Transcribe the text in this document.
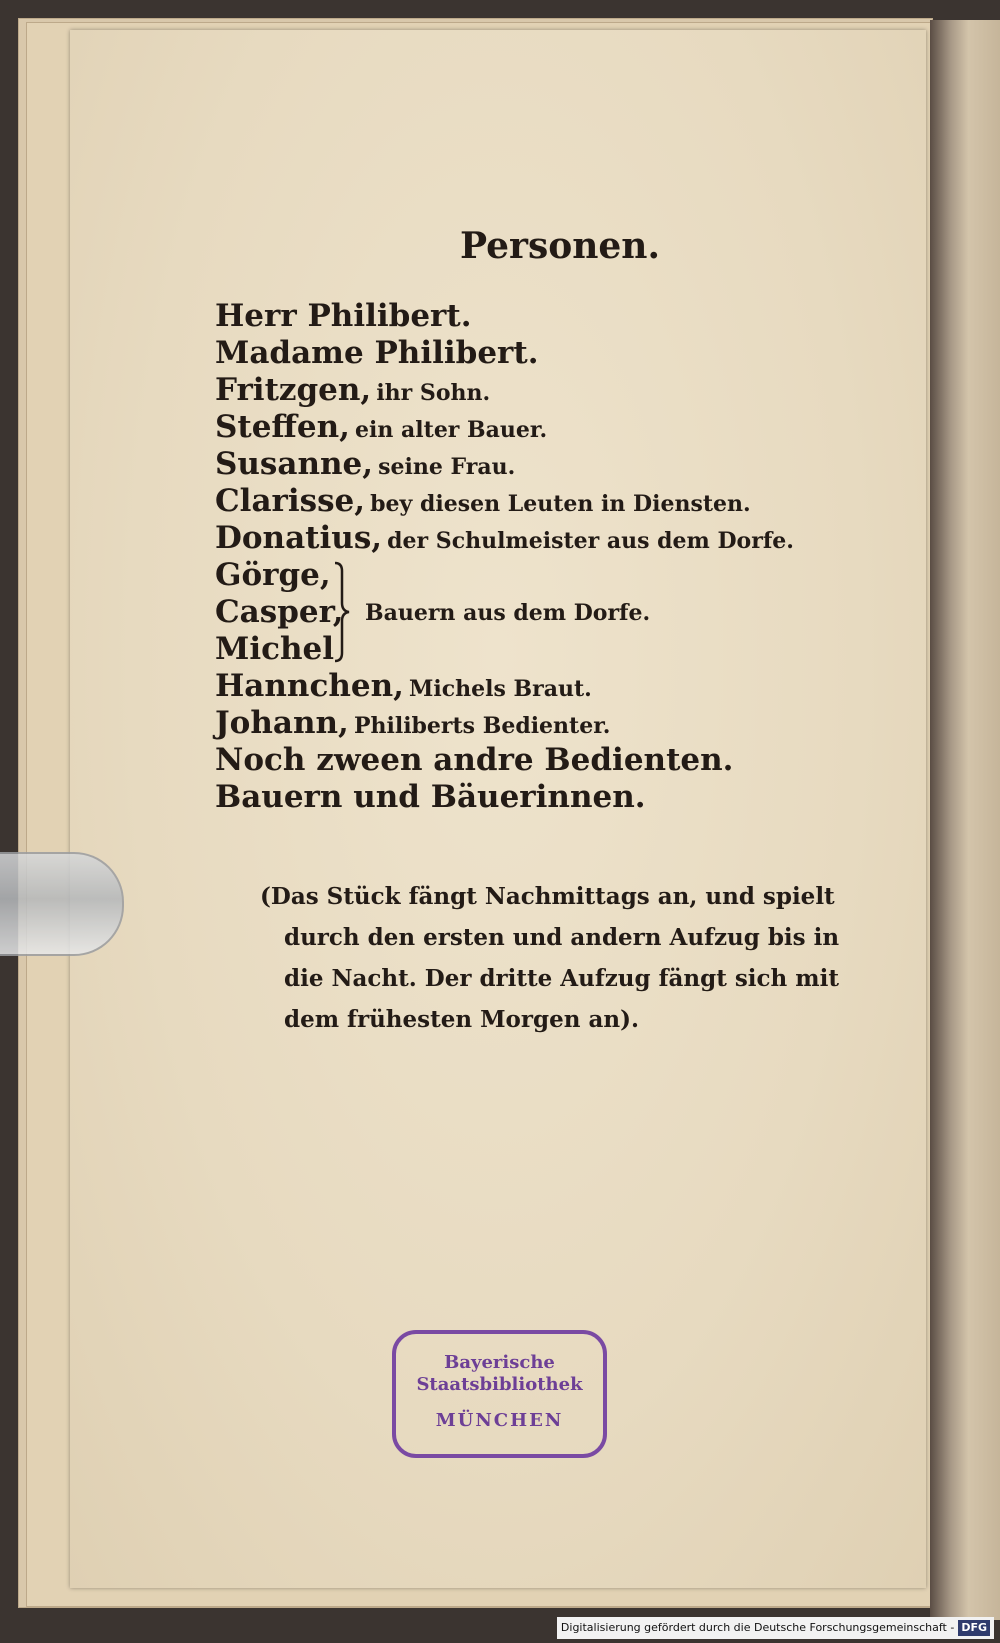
Personen.
Herr Philibert.
Madame Philibert.
Fritzgen, ihr Sohn.
Steffen, ein alter Bauer.
Susanne, seine Frau.
Clarisse, bey diesen Leuten in Diensten.
Donatius, der Schulmeister aus dem Dorfe.
Görge,
Casper,
Michel
Bauern aus dem Dorfe.
Hannchen, Michels Braut.
Johann, Philiberts Bedienter.
Noch zween andre Bedienten.
Bauern und Bäuerinnen.
(Das Stück fängt Nachmittags an, und spielt durch den ersten und andern Aufzug bis in die Nacht. Der dritte Aufzug fängt sich mit dem frühesten Morgen an).
Bayerische
Staatsbibliothek
MÜNCHEN
Digitalisierung gefördert durch die Deutsche Forschungsgemeinschaft - DFG
